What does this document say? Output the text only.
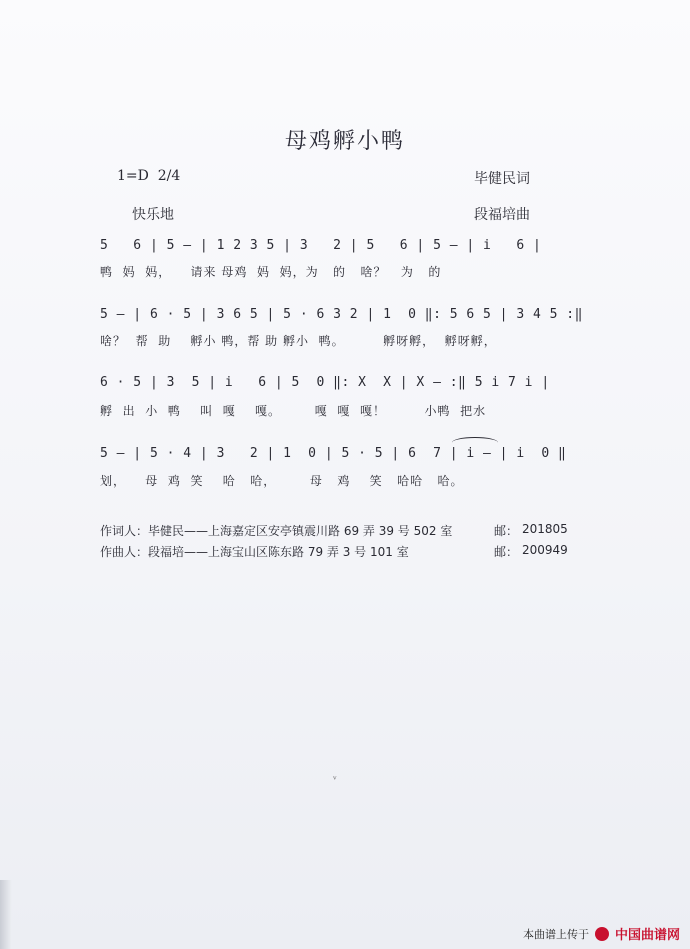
母鸡孵小鸭
1=D  2/4	毕健民词
快乐地	段福培曲
5   6 | 5 — | 1 2 3 5 | 3   2 | 5   6 | 5 — | i   6 |
鸭  妈  妈，    请来 母鸡  妈  妈，为   的   啥？   为   的
5 — | 6 · 5 | 3 6 5 | 5 · 6 3 2 | 1  0 ‖: 5 6 5 | 3 4 5 :‖
啥？  帮  助    孵小 鸭，帮 助 孵小  鸭。        孵呀孵，  孵呀孵，
6 · 5 | 3  5 | i   6 | 5  0 ‖: X  X | X — :‖ 5 i 7 i |
孵  出  小  鸭    叫  嘎    嘎。       嘎  嘎  嘎！        小鸭  把水
5 — | 5 · 4 | 3   2 | 1  0 | 5 · 5 | 6  7 | i — | i  0 ‖
划，    母  鸡  笑    哈   哈，       母   鸡    笑   哈哈   哈。
作词人：毕健民——上海嘉定区安亭镇震川路 69 弄 39 号 502 室	邮： 201805
作曲人：段福培——上海宝山区陈东路 79 弄 3 号 101 室	邮： 200949
ᵛ
本曲谱上传于 中国曲谱网
